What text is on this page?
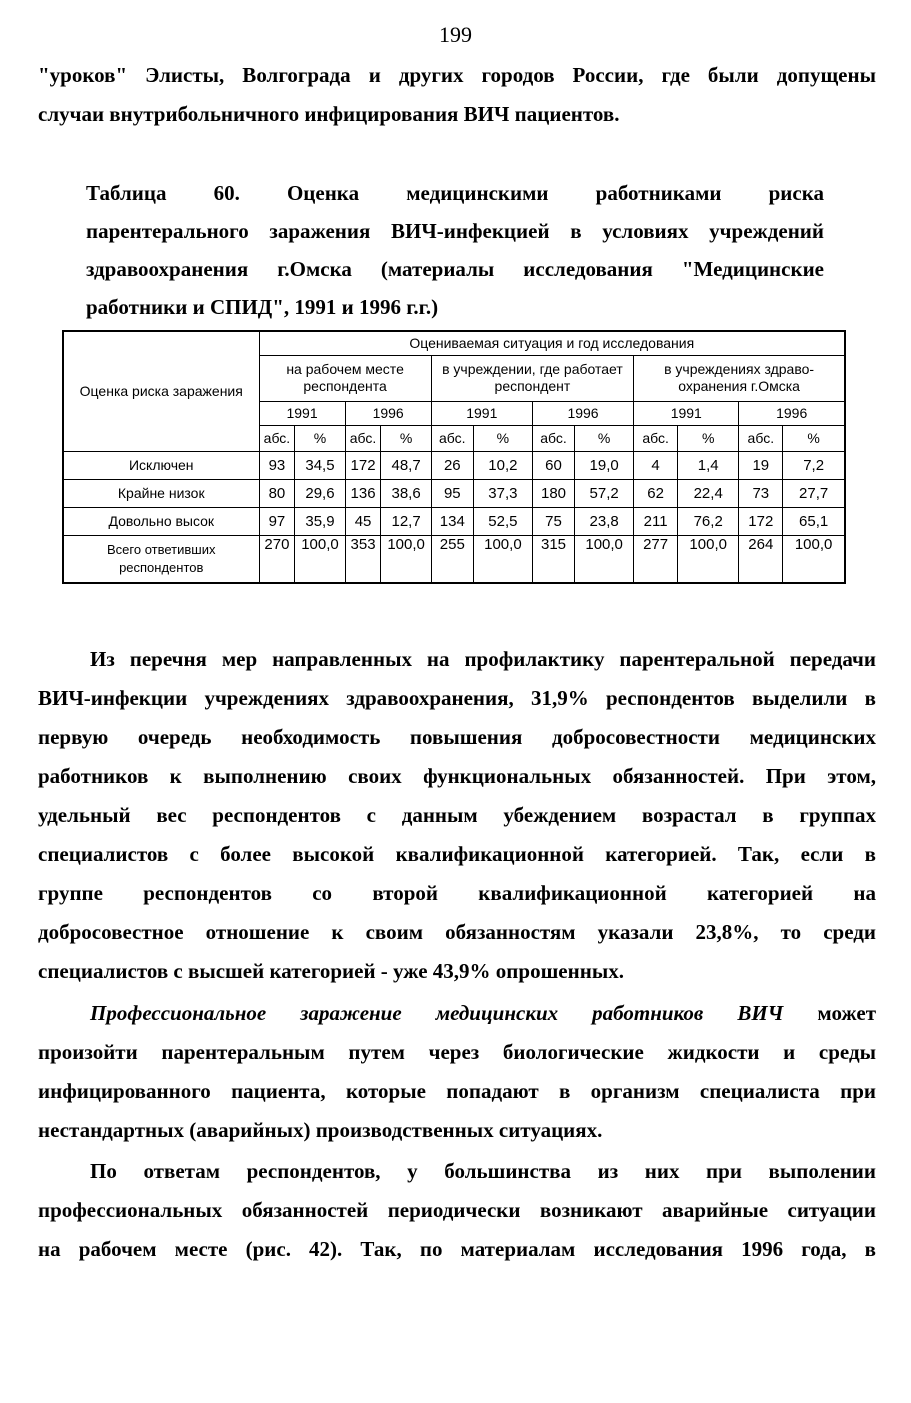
199
"уроков" Элисты, Волгограда и других городов России, где были допущены
случаи внутрибольничного инфицирования ВИЧ пациентов.
Таблица 60. Оценка медицинскими работниками риска
парентерального заражения ВИЧ-инфекцией в условиях учреждений
здравоохранения г.Омска (материалы исследования "Медицинские
работники и СПИД", 1991 и 1996 г.г.)
Оценка риска заражения	Оцениваемая ситуация и год исследования											
	на рабочем месте респондента				в учреждении, где работает респондент				в учреждениях здраво- охранения г.Омска			
	1991		1996		1991		1996		1991		1996	
	абс.	%	абс.	%	абс.	%	абс.	%	абс.	%	абс.	%
Исключен	93	34,5	172	48,7	26	10,2	60	19,0	4	1,4	19	7,2
Крайне низок	80	29,6	136	38,6	95	37,3	180	57,2	62	22,4	73	27,7
Довольно высок	97	35,9	45	12,7	134	52,5	75	23,8	211	76,2	172	65,1
Всего ответивших респондентов	270	100,0	353	100,0	255	100,0	315	100,0	277	100,0	264	100,0
Из перечня мер направленных на профилактику парентеральной передачи
ВИЧ-инфекции учреждениях здравоохранения, 31,9% респондентов выделили в
первую очередь необходимость повышения добросовестности медицинских
работников к выполнению своих функциональных обязанностей. При этом,
удельный вес респондентов с данным убеждением возрастал в группах
специалистов с более высокой квалификационной категорией. Так, если в
группе респондентов со второй квалификационной категорией на
добросовестное отношение к своим обязанностям указали 23,8%, то среди
специалистов с высшей категорией - уже 43,9% опрошенных.
Профессиональное заражение медицинских работников ВИЧ может
произойти парентеральным путем через биологические жидкости и среды
инфицированного пациента, которые попадают в организм специалиста при
нестандартных (аварийных) производственных ситуациях.
По ответам респондентов, у большинства из них при выполении
профессиональных обязанностей периодически возникают аварийные ситуации
на рабочем месте (рис. 42). Так, по материалам исследования 1996 года, в
